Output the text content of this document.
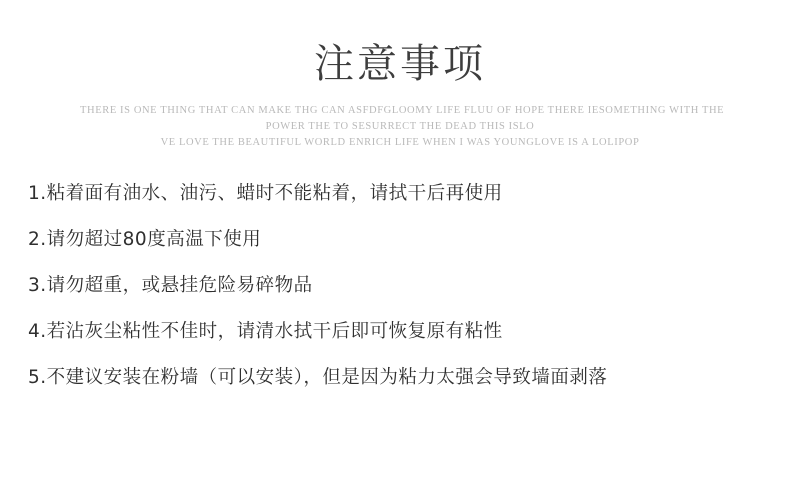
注意事项
THERE IS ONE THING THAT CAN MAKE THG CAN ASFDFGLOOMY LIFE FLUU OF HOPE THERE IESOMETHING WITH THE
POWER THE TO SESURRECT THE DEAD THIS ISLO
VE LOVE THE BEAUTIFUL WORLD ENRICH LIFE WHEN I WAS YOUNGLOVE IS A LOLIPOP
1.粘着面有油水、油污、蜡时不能粘着，请拭干后再使用
2.请勿超过80度高温下使用
3.请勿超重，或悬挂危险易碎物品
4.若沾灰尘粘性不佳时，请清水拭干后即可恢复原有粘性
5.不建议安装在粉墙（可以安装），但是因为粘力太强会导致墙面剥落
